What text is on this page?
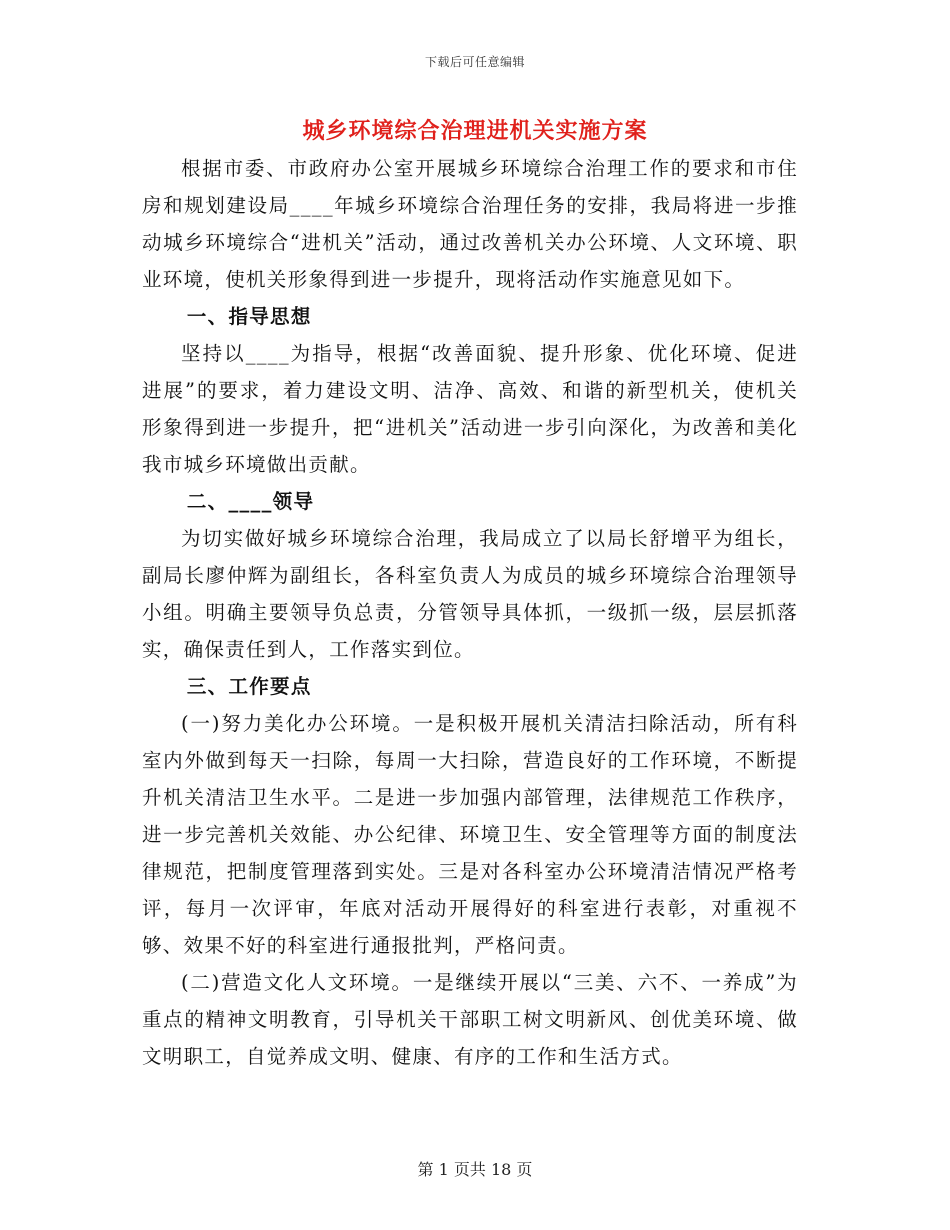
下载后可任意编辑
城乡环境综合治理进机关实施方案

根据市委、市政府办公室开展城乡环境综合治理工作的要求和市住房和规划建设局____年城乡环境综合治理任务的安排，我局将进一步推动城乡环境综合“进机关”活动，通过改善机关办公环境、人文环境、职业环境，使机关形象得到进一步提升，现将活动作实施意见如下。

一、指导思想

坚持以____为指导，根据“改善面貌、提升形象、优化环境、促进进展”的要求，着力建设文明、洁净、高效、和谐的新型机关，使机关形象得到进一步提升，把“进机关”活动进一步引向深化，为改善和美化我市城乡环境做出贡献。

二、____领导

为切实做好城乡环境综合治理，我局成立了以局长舒增平为组长，副局长廖仲辉为副组长，各科室负责人为成员的城乡环境综合治理领导小组。明确主要领导负总责，分管领导具体抓，一级抓一级，层层抓落实，确保责任到人，工作落实到位。

三、工作要点

(一)努力美化办公环境。一是积极开展机关清洁扫除活动，所有科室内外做到每天一扫除，每周一大扫除，营造良好的工作环境，不断提升机关清洁卫生水平。二是进一步加强内部管理，法律规范工作秩序，进一步完善机关效能、办公纪律、环境卫生、安全管理等方面的制度法律规范，把制度管理落到实处。三是对各科室办公环境清洁情况严格考评，每月一次评审，年底对活动开展得好的科室进行表彰，对重视不够、效果不好的科室进行通报批判，严格问责。

(二)营造文化人文环境。一是继续开展以“三美、六不、一养成”为重点的精神文明教育，引导机关干部职工树文明新风、创优美环境、做文明职工，自觉养成文明、健康、有序的工作和生活方式。

第 1 页共 18 页
